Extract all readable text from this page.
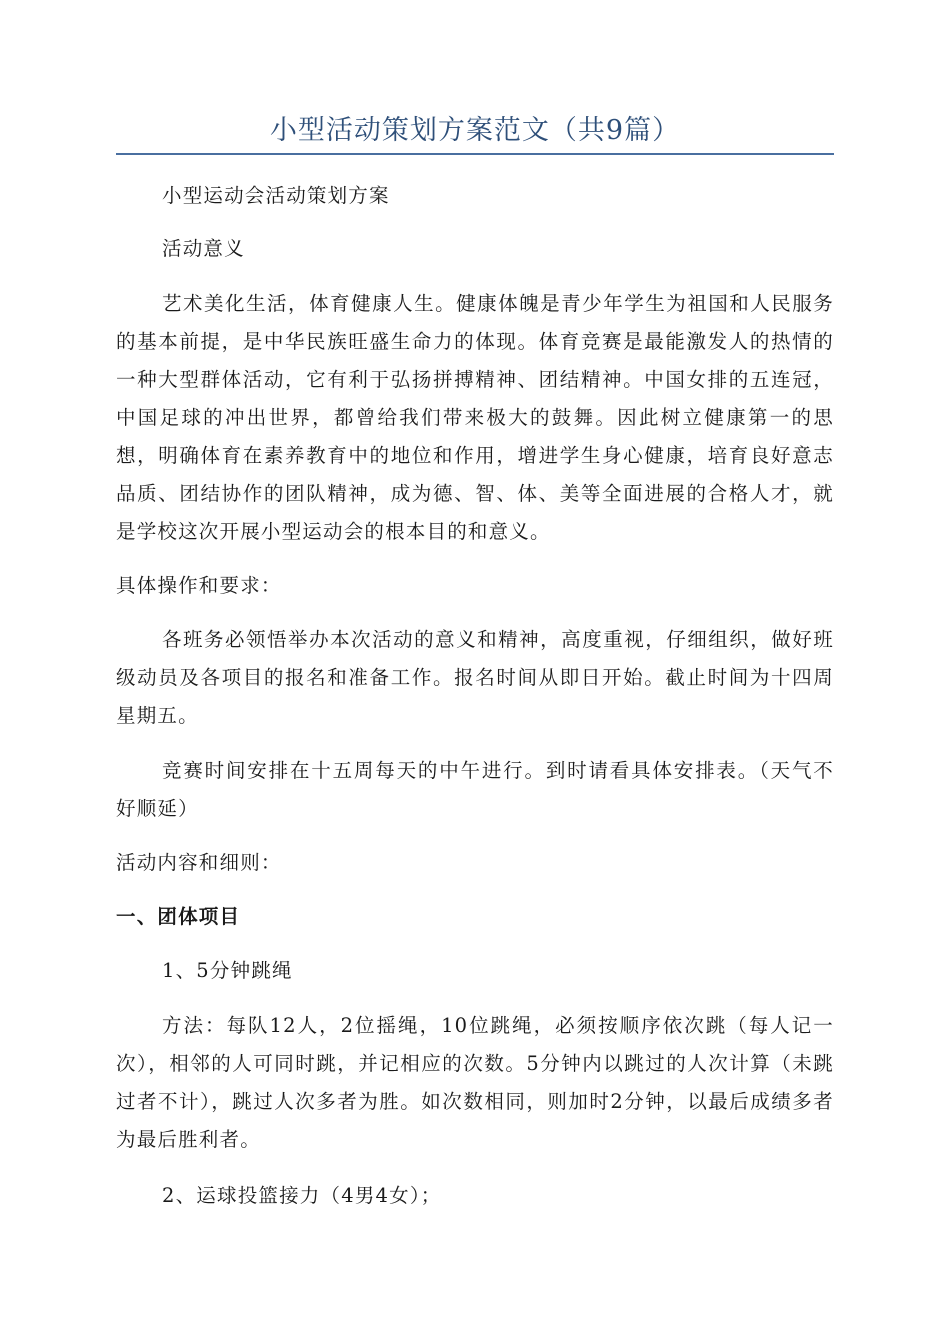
小型活动策划方案范文（共9篇）

小型运动会活动策划方案

活动意义

艺术美化生活，体育健康人生。健康体魄是青少年学生为祖国和人民服务的基本前提，是中华民族旺盛生命力的体现。体育竞赛是最能激发人的热情的一种大型群体活动，它有利于弘扬拼搏精神、团结精神。中国女排的五连冠，中国足球的冲出世界，都曾给我们带来极大的鼓舞。因此树立健康第一的思想，明确体育在素养教育中的地位和作用，增进学生身心健康，培育良好意志品质、团结协作的团队精神，成为德、智、体、美等全面进展的合格人才，就是学校这次开展小型运动会的根本目的和意义。

具体操作和要求：

各班务必领悟举办本次活动的意义和精神，高度重视，仔细组织，做好班级动员及各项目的报名和准备工作。报名时间从即日开始。截止时间为十四周星期五。

竞赛时间安排在十五周每天的中午进行。到时请看具体安排表。（天气不好顺延）

活动内容和细则：

一、团体项目

1、5分钟跳绳

方法：每队12人，2位摇绳，10位跳绳，必须按顺序依次跳（每人记一次），相邻的人可同时跳，并记相应的次数。5分钟内以跳过的人次计算（未跳过者不计），跳过人次多者为胜。如次数相同，则加时2分钟，以最后成绩多者为最后胜利者。

2、运球投篮接力（4男4女）；
